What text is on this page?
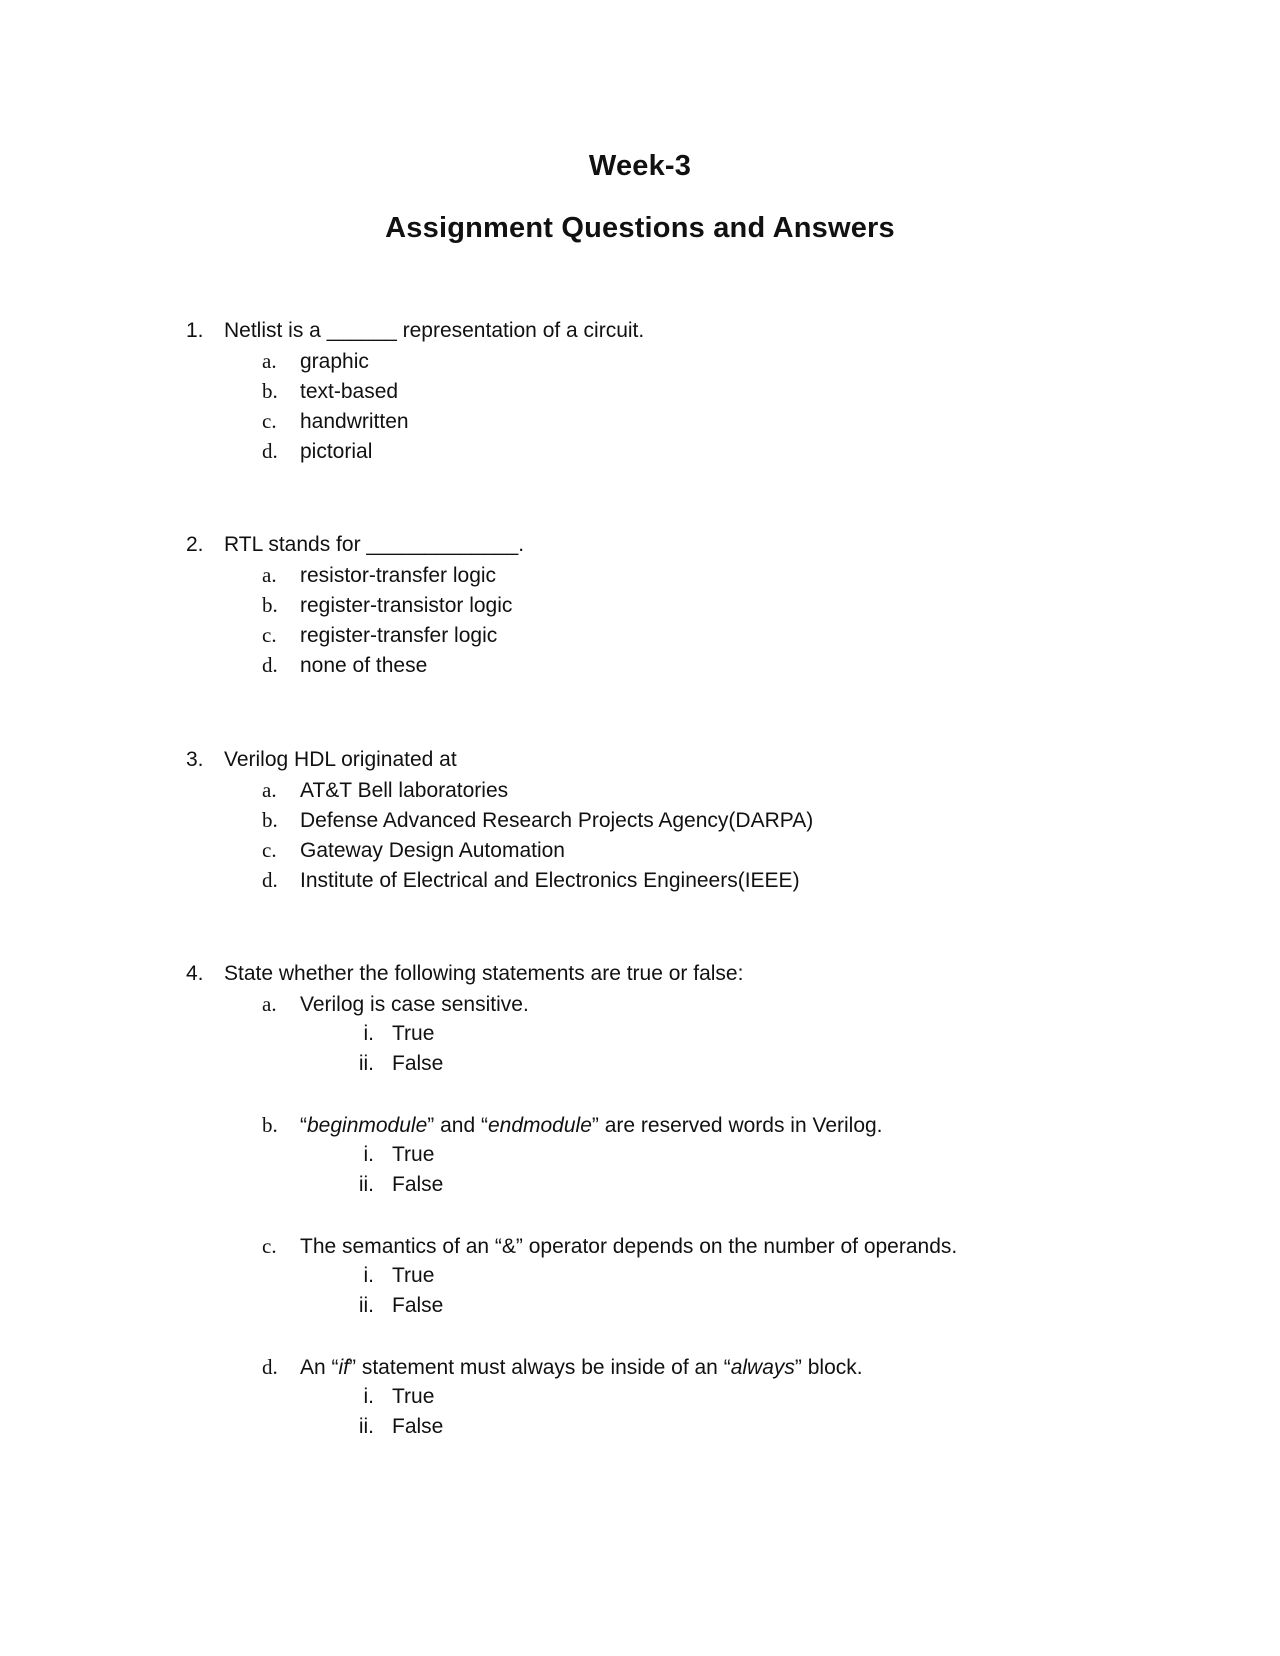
Week-3
Assignment Questions and Answers
1. Netlist is a ______ representation of a circuit.
a.	graphic
b.	text-based
c.	handwritten
d.	pictorial
2. RTL stands for _____________.
a.	resistor-transfer logic
b.	register-transistor logic
c.	register-transfer logic
d.	none of these
3. Verilog HDL originated at
a.	AT&T Bell laboratories
b.	Defense Advanced Research Projects Agency(DARPA)
c.	Gateway Design Automation
d.	Institute of Electrical and Electronics Engineers(IEEE)
4. State whether the following statements are true or false:
a.	Verilog is case sensitive.
i. True
ii. False
b.	“beginmodule” and “endmodule” are reserved words in Verilog.
i. True
ii. False
c.	The semantics of an “&” operator depends on the number of operands.
i. True
ii. False
d.	An “if” statement must always be inside of an “always” block.
i. True
ii. False
